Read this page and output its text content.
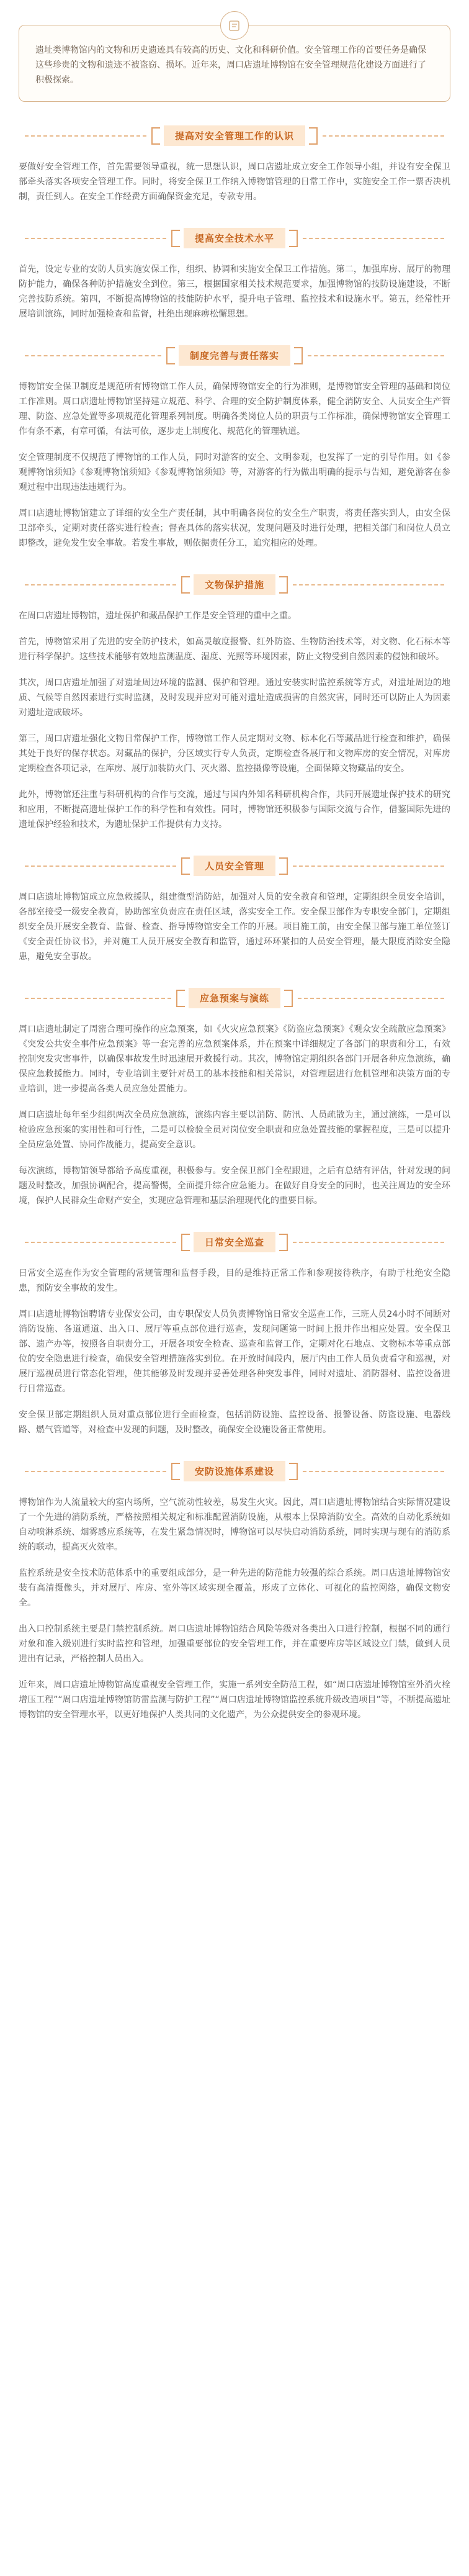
遗址类博物馆内的文物和历史遗迹具有较高的历史、文化和科研价值。安全管理工作的首要任务是确保这些珍贵的文物和遗迹不被盗窃、损坏。近年来，周口店遗址博物馆在安全管理规范化建设方面进行了积极探索。
提高对安全管理工作的认识

要做好安全管理工作，首先需要领导重视，统一思想认识，周口店遗址成立安全工作领导小组，并设有安全保卫部牵头落实各项安全管理工作。同时，将安全保卫工作纳入博物馆管理的日常工作中，实施安全工作一票否决机制，责任到人。在安全工作经费方面确保资金充足，专款专用。

提高安全技术水平

首先，设定专业的安防人员实施安保工作，组织、协调和实施安全保卫工作措施。第二，加强库房、展厅的物理防护能力，确保各种防护措施安全到位。第三，根据国家相关技术规范要求，加强博物馆的技防设施建设，不断完善技防系统。第四，不断提高博物馆的技能防护水平，提升电子管理、监控技术和设施水平。第五，经常性开展培训演练，同时加强检查和监督，杜绝出现麻痹松懈思想。

制度完善与责任落实

博物馆安全保卫制度是规范所有博物馆工作人员，确保博物馆安全的行为准则，是博物馆安全管理的基础和岗位工作准则。周口店遗址博物馆坚持建立规范、科学、合理的安全防护制度体系，健全消防安全、人员安全生产管理、防盗、应急处置等多项规范化管理系列制度。明确各类岗位人员的职责与工作标准，确保博物馆安全管理工作有条不紊，有章可循，有法可依，逐步走上制度化、规范化的管理轨道。

安全管理制度不仅规范了博物馆的工作人员，同时对游客的安全、文明参观，也发挥了一定的引导作用。如《参观博物馆须知》《参观博物馆须知》《参观博物馆须知》等，对游客的行为做出明确的提示与告知，避免游客在参观过程中出现违法违规行为。

周口店遗址博物馆建立了详细的安全生产责任制，其中明确各岗位的安全生产职责，将责任落实到人，由安全保卫部牵头，定期对责任落实进行检查；督查具体的落实状况，发现问题及时进行处理，把相关部门和岗位人员立即整改，避免发生安全事故。若发生事故，则依据责任分工，追究相应的处理。

文物保护措施

在周口店遗址博物馆，遗址保护和藏品保护工作是安全管理的重中之重。

首先，博物馆采用了先进的安全防护技术，如高灵敏度报警、红外防盗、生物防治技术等，对文物、化石标本等进行科学保护。这些技术能够有效地监测温度、湿度、光照等环境因素，防止文物受到自然因素的侵蚀和破坏。

其次，周口店遗址加强了对遗址周边环境的监测、保护和管理。通过安装实时监控系统等方式，对遗址周边的地质、气候等自然因素进行实时监测，及时发现并应对可能对遗址造成损害的自然灾害，同时还可以防止人为因素对遗址造成破坏。

第三，周口店遗址强化文物日常保护工作，博物馆工作人员定期对文物、标本化石等藏品进行检查和维护，确保其处于良好的保存状态。对藏品的保护，分区域实行专人负责，定期检查各展厅和文物库房的安全情况，对库房定期检查各项记录，在库房、展厅加装防火门、灭火器、监控摄像等设施，全面保障文物藏品的安全。

此外，博物馆还注重与科研机构的合作与交流，通过与国内外知名科研机构合作，共同开展遗址保护技术的研究和应用，不断提高遗址保护工作的科学性和有效性。同时，博物馆还积极参与国际交流与合作，借鉴国际先进的遗址保护经验和技术，为遗址保护工作提供有力支持。

人员安全管理

周口店遗址博物馆成立应急救援队，组建微型消防站，加强对人员的安全教育和管理，定期组织全员安全培训，各部室接受一级安全教育，协助部室负责应在责任区域，落实安全工作。安全保卫部作为专职安全部门，定期组织安全员开展安全教育、监督、检查、指导博物馆安全工作的开展。项目施工前，由安全保卫部与施工单位签订《安全责任协议书》，并对施工人员开展安全教育和监管，通过环环紧扣的人员安全管理，最大限度消除安全隐患，避免安全事故。

应急预案与演练

周口店遗址制定了周密合理可操作的应急预案，如《火灾应急预案》《防盗应急预案》《观众安全疏散应急预案》《突发公共安全事件应急预案》等一套完善的应急预案体系，并在预案中详细规定了各部门的职责和分工，有效控制突发灾害事件，以确保事故发生时迅速展开救援行动。其次，博物馆定期组织各部门开展各种应急演练，确保应急救援能力。同时，专业培训主要针对员工的基本技能和相关常识，对管理层进行危机管理和决策方面的专业培训，进一步提高各类人员应急处置能力。

周口店遗址每年至少组织两次全员应急演练，演练内容主要以消防、防汛、人员疏散为主，通过演练，一是可以检验应急预案的实用性和可行性，二是可以检验全员对岗位安全职责和应急处置技能的掌握程度，三是可以提升全员应急处置、协同作战能力，提高安全意识。

每次演练，博物馆领导都给予高度重视，积极参与。安全保卫部门全程跟进，之后有总结有评估，针对发现的问题及时整改，加强协调配合，提高警惕，全面提升综合应急能力。在做好自身安全的同时，也关注周边的安全环境，保护人民群众生命财产安全，实现应急管理和基层治理现代化的重要目标。

日常安全巡查

日常安全巡查作为安全管理的常规管理和监督手段，目的是维持正常工作和参观接待秩序，有助于杜绝安全隐患，预防安全事故的发生。

周口店遗址博物馆聘请专业保安公司，由专职保安人员负责博物馆日常安全巡查工作，三班人员24小时不间断对消防设施、各道通道、出入口、展厅等重点部位进行巡查，发现问题第一时间上报并作出相应处置。安全保卫部、遗产办等，按照各自职责分工，开展各项安全检查、巡查和监督工作，定期对化石地点、文物标本等重点部位的安全隐患进行检查，确保安全管理措施落实到位。在开放时间段内，展厅内由工作人员负责看守和巡视，对展厅巡视员进行常态化管理，使其能够及时发现并妥善处理各种突发事件，同时对遗址、消防器材、监控设备进行日常巡查。

安全保卫部定期组织人员对重点部位进行全面检查，包括消防设施、监控设备、报警设备、防盗设施、电器线路、燃气管道等，对检查中发现的问题，及时整改，确保安全设施设备正常使用。

安防设施体系建设

博物馆作为人流量较大的室内场所，空气流动性较差，易发生火灾。因此，周口店遗址博物馆结合实际情况建设了一个先进的消防系统，严格按照相关规定和标准配置消防设施，从根本上保障消防安全。高效的自动化系统如自动喷淋系统、烟雾感应系统等，在发生紧急情况时，博物馆可以尽快启动消防系统，同时实现与现有的消防系统的联动，提高灭火效率。

监控系统是安全技术防范体系中的重要组成部分，是一种先进的防范能力较强的综合系统。周口店遗址博物馆安装有高清摄像头，并对展厅、库房、室外等区域实现全覆盖，形成了立体化、可视化的监控网络，确保文物安全。

出入口控制系统主要是门禁控制系统。周口店遗址博物馆结合风险等级对各类出入口进行控制，根据不同的通行对象和准入级别进行实时监控和管理，加强重要部位的安全管理工作，并在重要库房等区域设立门禁，做到人员进出有记录，严格控制人员出入。

近年来，周口店遗址博物馆高度重视安全管理工作，实施一系列安全防范工程，如“周口店遗址博物馆室外消火栓增压工程”“周口店遗址博物馆防雷监测与防护工程”“周口店遗址博物馆监控系统升级改造项目”等，不断提高遗址博物馆的安全管理水平，以更好地保护人类共同的文化遗产，为公众提供安全的参观环境。
